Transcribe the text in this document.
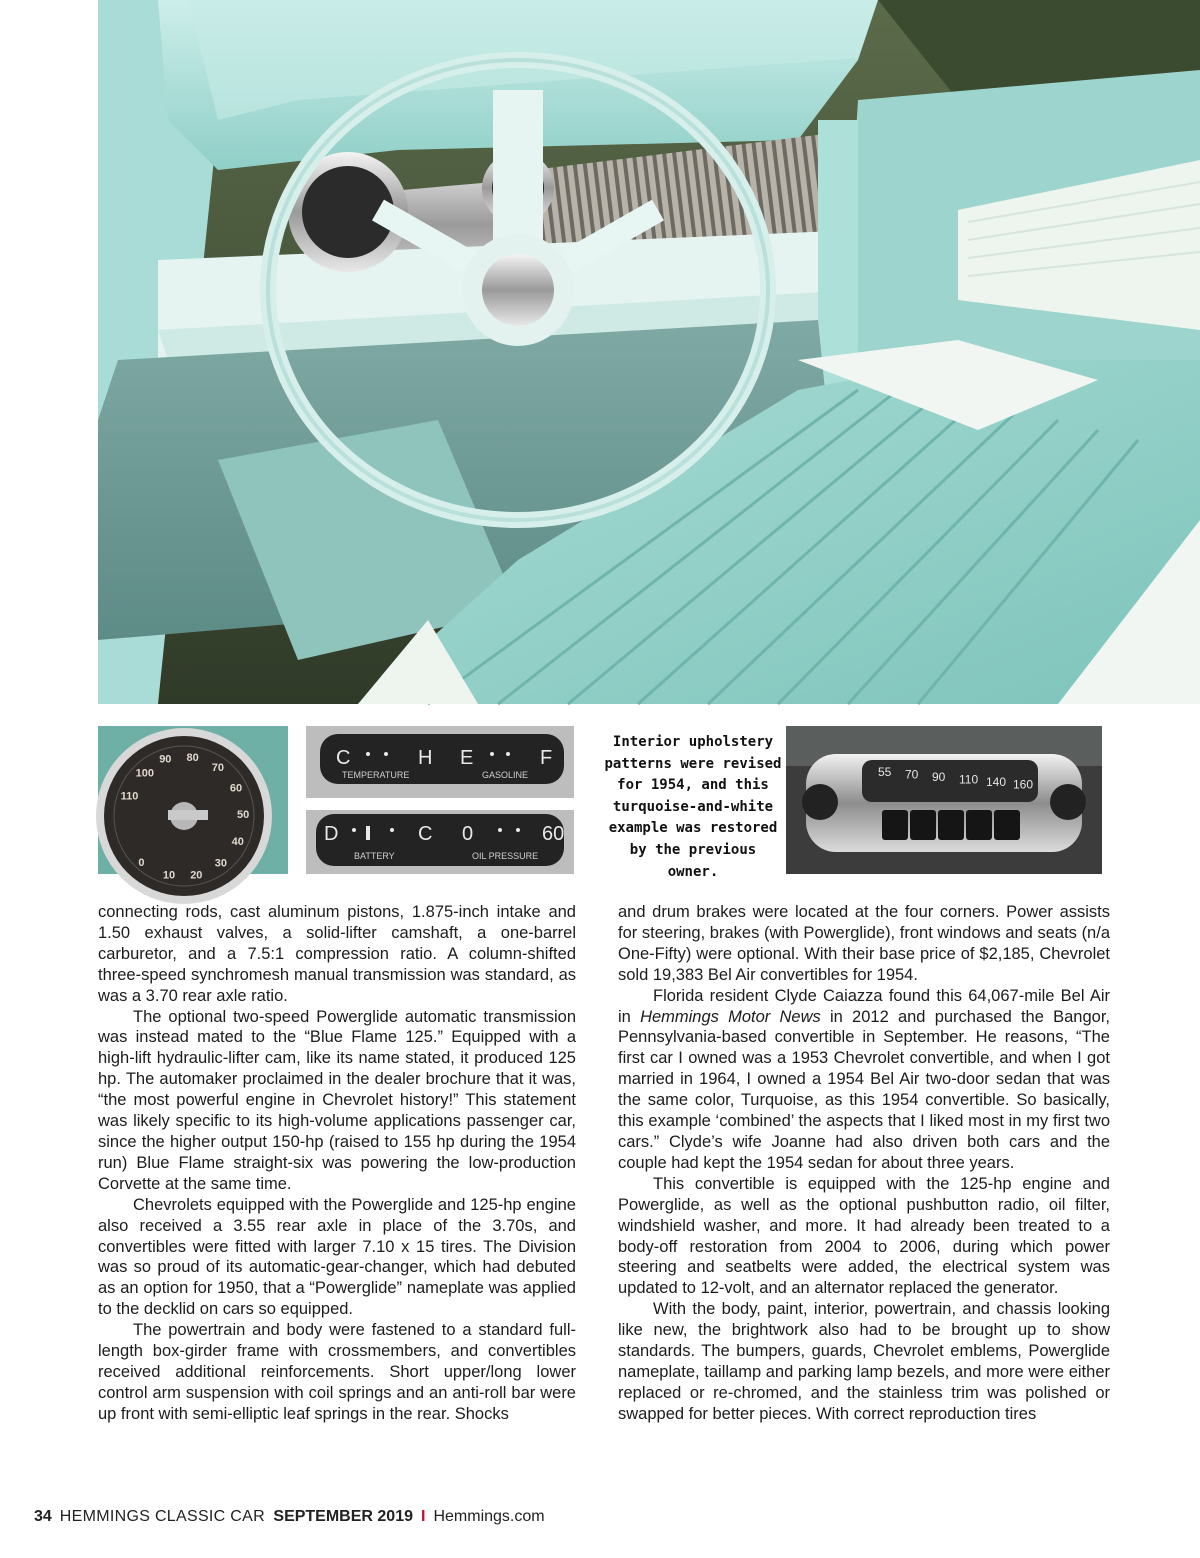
0
10 20
30
40
50
60
70
80
90
100
110
C	H E	F
TEMPERATURE	GASOLINE
D	C 0	60
BATTERY	OIL PRESSURE
Interior upholstery patterns were revised for 1954, and this turquoise-and-white example was restored by the previous owner.
55 70 90 110 140 160

connecting rods, cast aluminum pistons, 1.875-inch intake and 1.50 exhaust valves, a solid-lifter camshaft, a one-barrel carburetor, and a 7.5:1 compression ratio. A column-shifted three-speed synchromesh manual transmission was standard, as was a 3.70 rear axle ratio.

The optional two-speed Powerglide automatic transmission was instead mated to the “Blue Flame 125.” Equipped with a high-lift hydraulic-lifter cam, like its name stated, it produced 125 hp. The automaker proclaimed in the dealer brochure that it was, “the most powerful engine in Chevrolet history!” This statement was likely specific to its high-volume applications passenger car, since the higher output 150-hp (raised to 155 hp during the 1954 run) Blue Flame straight-six was powering the low-production Corvette at the same time.

Chevrolets equipped with the Powerglide and 125-hp engine also received a 3.55 rear axle in place of the 3.70s, and convertibles were fitted with larger 7.10 x 15 tires. The Division was so proud of its automatic-gear-changer, which had debuted as an option for 1950, that a “Powerglide” nameplate was applied to the decklid on cars so equipped.

The powertrain and body were fastened to a standard full-length box-girder frame with crossmembers, and convertibles received additional reinforcements. Short upper/long lower control arm suspension with coil springs and an anti-roll bar were up front with semi-elliptic leaf springs in the rear. Shocks

and drum brakes were located at the four corners. Power assists for steering, brakes (with Powerglide), front windows and seats (n/a One-Fifty) were optional. With their base price of $2,185, Chevrolet sold 19,383 Bel Air convertibles for 1954.

Florida resident Clyde Caiazza found this 64,067-mile Bel Air in Hemmings Motor News in 2012 and purchased the Bangor, Pennsylvania-based convertible in September. He reasons, “The first car I owned was a 1953 Chevrolet convertible, and when I got married in 1964, I owned a 1954 Bel Air two-door sedan that was the same color, Turquoise, as this 1954 convertible. So basically, this example ‘combined’ the aspects that I liked most in my first two cars.” Clyde’s wife Joanne had also driven both cars and the couple had kept the 1954 sedan for about three years.

This convertible is equipped with the 125-hp engine and Powerglide, as well as the optional pushbutton radio, oil filter, windshield washer, and more. It had already been treated to a body-off restoration from 2004 to 2006, during which power steering and seatbelts were added, the electrical system was updated to 12-volt, and an alternator replaced the generator.

With the body, paint, interior, powertrain, and chassis looking like new, the brightwork also had to be brought up to show standards. The bumpers, guards, Chevrolet emblems, Powerglide nameplate, taillamp and parking lamp bezels, and more were either replaced or re-chromed, and the stainless trim was polished or swapped for better pieces. With correct reproduction tires

34 HEMMINGS CLASSIC CAR SEPTEMBER 2019 I Hemmings.com
